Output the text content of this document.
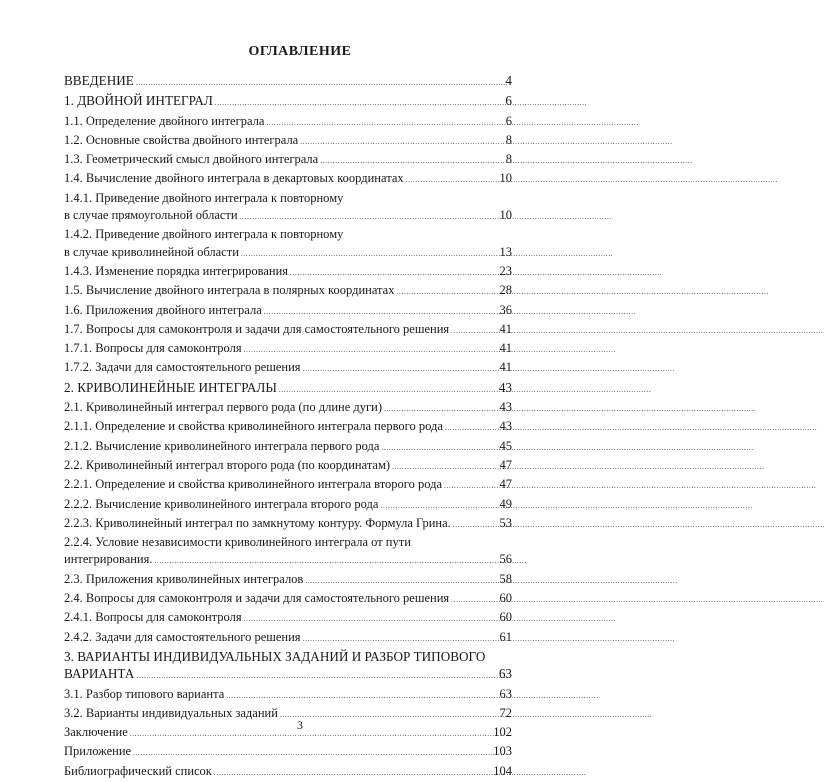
ОГЛАВЛЕНИЕ
ВВЕДЕНИЕ . . .	4
1. ДВОЙНОЙ ИНТЕГРАЛ . . .	6
1.1. Определение двойного интеграла . . .	6
1.2. Основные свойства двойного интеграла . . .	8
1.3. Геометрический смысл двойного интеграла . . .	8
1.4. Вычисление двойного интеграла в декартовых координатах . . .	10
1.4.1. Приведение двойного интеграла к повторному
в случае прямоугольной области . . .	10
1.4.2. Приведение двойного интеграла к повторному
в случае криволинейной области . . .	13
1.4.3. Изменение порядка интегрирования . . .	23
1.5. Вычисление двойного интеграла в полярных координатах . . .	28
1.6. Приложения двойного интеграла . . .	36
1.7. Вопросы для самоконтроля и задачи для самостоятельного решения . . .	41
1.7.1. Вопросы для самоконтроля . . .	41
1.7.2. Задачи для самостоятельного решения . . .	41
2. КРИВОЛИНЕЙНЫЕ ИНТЕГРАЛЫ . . .	43
2.1. Криволинейный интеграл первого рода (по длине дуги) . . .	43
2.1.1. Определение и свойства криволинейного интеграла первого рода . . .	43
2.1.2. Вычисление криволинейного интеграла первого рода . . .	45
2.2. Криволинейный интеграл второго рода (по координатам) . . .	47
2.2.1. Определение и свойства криволинейного интеграла второго рода . . .	47
2.2.2. Вычисление криволинейного интеграла второго рода . . .	49
2.2.3. Криволинейный интеграл по замкнутому контуру. Формула Грина. . . .	53
2.2.4. Условие независимости криволинейного интеграла от пути
интегрирования. . . .	56
2.3. Приложения криволинейных интегралов . . .	58
2.4. Вопросы для самоконтроля и задачи для самостоятельного решения . . .	60
2.4.1. Вопросы для самоконтроля . . .	60
2.4.2. Задачи для самостоятельного решения . . .	61
3. ВАРИАНТЫ ИНДИВИДУАЛЬНЫХ ЗАДАНИЙ И РАЗБОР ТИПОВОГО
ВАРИАНТА . . .	63
3.1. Разбор типового варианта . . .	63
3.2. Варианты индивидуальных заданий . . .	72
Заключение . . .	102
Приложение . . .	103
Библиографический список . . .	104
3
